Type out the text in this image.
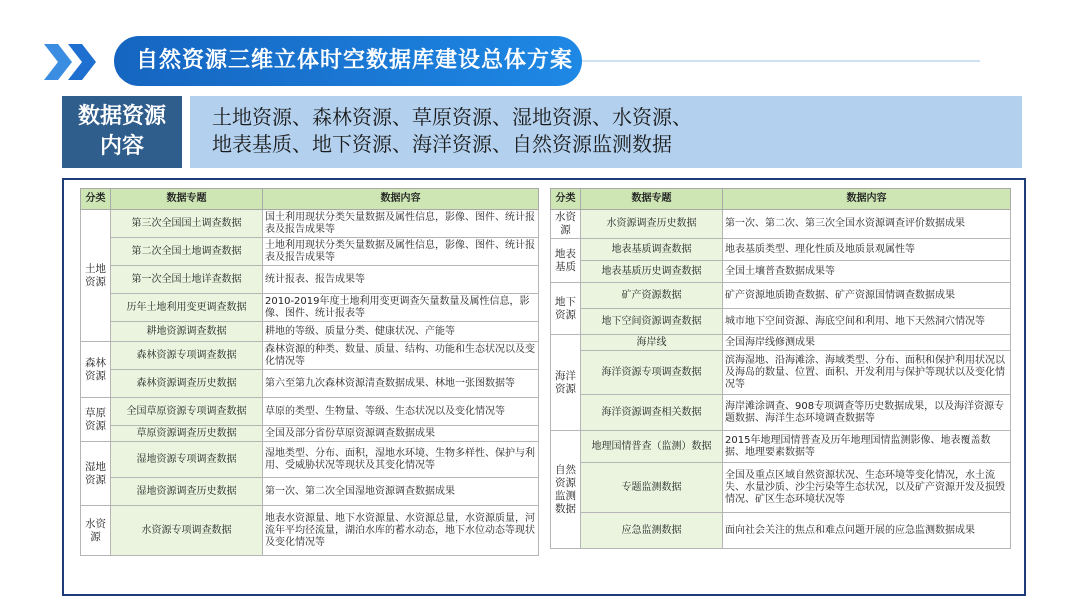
自然资源三维立体时空数据库建设总体方案
数据资源
内容
土地资源、森林资源、草原资源、湿地资源、水资源、
地表基质、地下资源、海洋资源、自然资源监测数据
分类	数据专题	数据内容
土地
资源	第三次全国国土调查数据	国土利用现状分类矢量数据及属性信息，影像、图件、统计报表及报告成果等
	第二次全国土地调查数据	土地利用现状分类矢量数据及属性信息，影像、图件、统计报表及报告成果等
	第一次全国土地详查数据	统计报表、报告成果等
	历年土地利用变更调查数据	2010-2019年度土地利用变更调查矢量数量及属性信息，影像、图件、统计报表等
	耕地资源调查数据	耕地的等级、质量分类、健康状况、产能等
森林
资源	森林资源专项调查数据	森林资源的种类、数量、质量、结构、功能和生态状况以及变化情况等
	森林资源调查历史数据	第六至第九次森林资源清查数据成果、林地一张图数据等
草原
资源	全国草原资源专项调查数据	草原的类型、生物量、等级、生态状况以及变化情况等
	草原资源调查历史数据	全国及部分省份草原资源调查数据成果
湿地
资源	湿地资源专项调查数据	湿地类型、分布、面积，湿地水环境、生物多样性、保护与利用、受威胁状况等现状及其变化情况等
	湿地资源调查历史数据	第一次、第二次全国湿地资源调查数据成果
水资
源	水资源专项调查数据	地表水资源量、地下水资源量、水资源总量，水资源质量，河流年平均径流量，湖泊水库的蓄水动态，地下水位动态等现状及变化情况等
分类	数据专题	数据内容
水资
源	水资源调查历史数据	第一次、第二次、第三次全国水资源调查评价数据成果
地表
基质	地表基质调查数据	地表基质类型、理化性质及地质景观属性等
	地表基质历史调查数据	全国土壤普查数据成果等
地下
资源	矿产资源数据	矿产资源地质勘查数据、矿产资源国情调查数据成果
	地下空间资源调查数据	城市地下空间资源、海底空间和利用、地下天然洞穴情况等
海洋
资源	海岸线	全国海岸线修测成果
	海洋资源专项调查数据	滨海湿地、沿海滩涂、海域类型、分布、面积和保护利用状况以及海岛的数量、位置、面积、开发利用与保护等现状以及变化情况等
	海洋资源调查相关数据	海岸滩涂调查、908专项调查等历史数据成果，以及海洋资源专题数据、海洋生态环境调查数据等
自然
资源
监测
数据	地理国情普查（监测）数据	2015年地理国情普查及历年地理国情监测影像、地表覆盖数据、地理要素数据等
	专题监测数据	全国及重点区域自然资源状况、生态环境等变化情况，水土流失、水量沙质、沙尘污染等生态状况，以及矿产资源开发及损毁情况、矿区生态环境状况等
	应急监测数据	面向社会关注的焦点和难点问题开展的应急监测数据成果
